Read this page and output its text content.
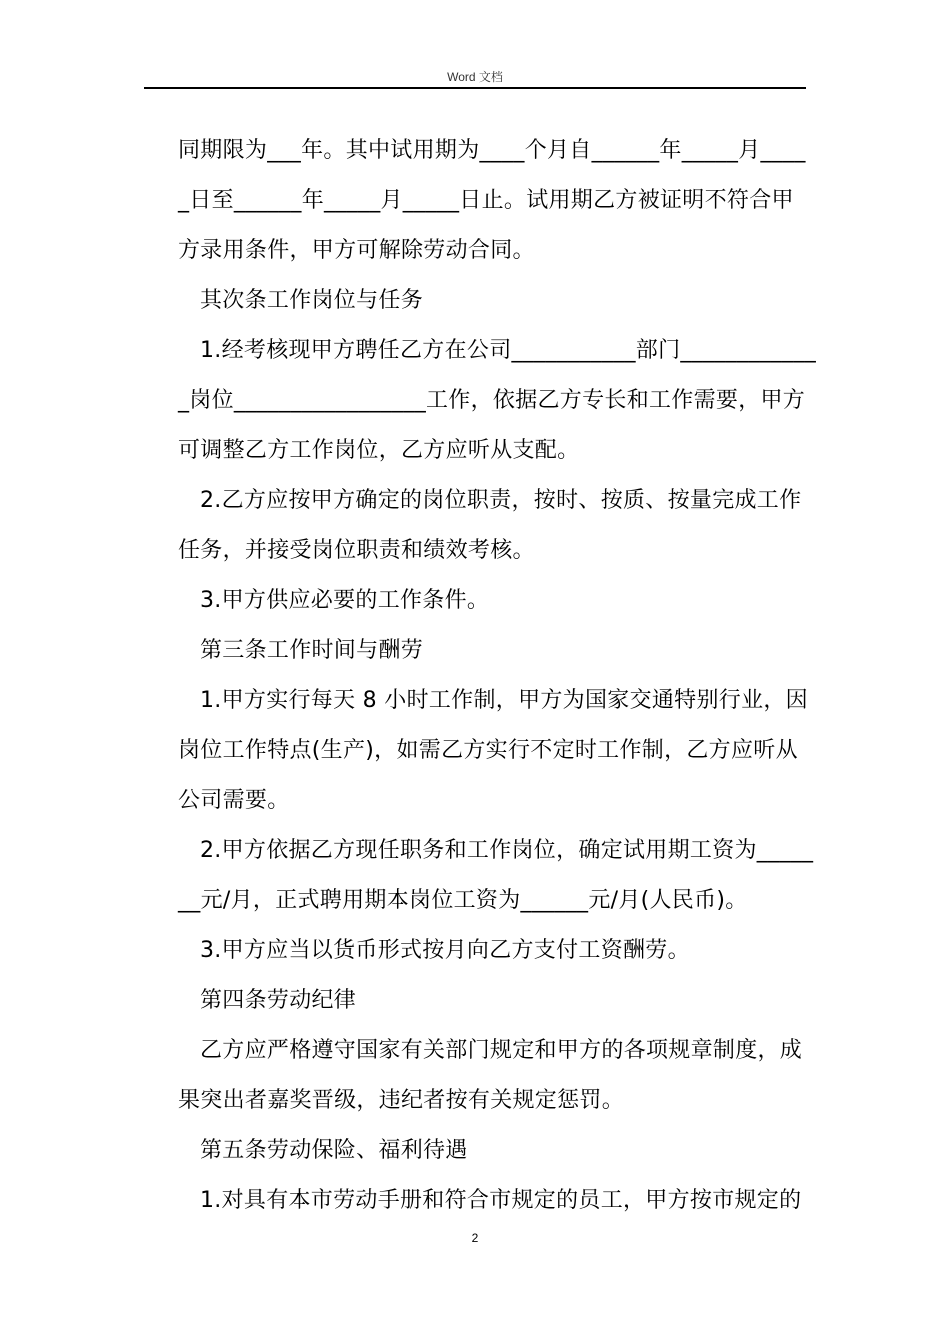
Word 文档
同期限为___年。其中试用期为____个月自______年_____月____
_日至______年_____月_____日止。试用期乙方被证明不符合甲
方录用条件，甲方可解除劳动合同。
其次条工作岗位与任务
1.经考核现甲方聘任乙方在公司___________部门____________
_岗位_________________工作，依据乙方专长和工作需要，甲方
可调整乙方工作岗位，乙方应听从支配。
2.乙方应按甲方确定的岗位职责，按时、按质、按量完成工作
任务，并接受岗位职责和绩效考核。
3.甲方供应必要的工作条件。
第三条工作时间与酬劳
1.甲方实行每天 8 小时工作制，甲方为国家交通特别行业，因
岗位工作特点(生产)，如需乙方实行不定时工作制，乙方应听从
公司需要。
2.甲方依据乙方现任职务和工作岗位，确定试用期工资为_____
__元/月，正式聘用期本岗位工资为______元/月(人民币)。
3.甲方应当以货币形式按月向乙方支付工资酬劳。
第四条劳动纪律
乙方应严格遵守国家有关部门规定和甲方的各项规章制度，成
果突出者嘉奖晋级，违纪者按有关规定惩罚。
第五条劳动保险、福利待遇
1.对具有本市劳动手册和符合市规定的员工，甲方按市规定的
2
